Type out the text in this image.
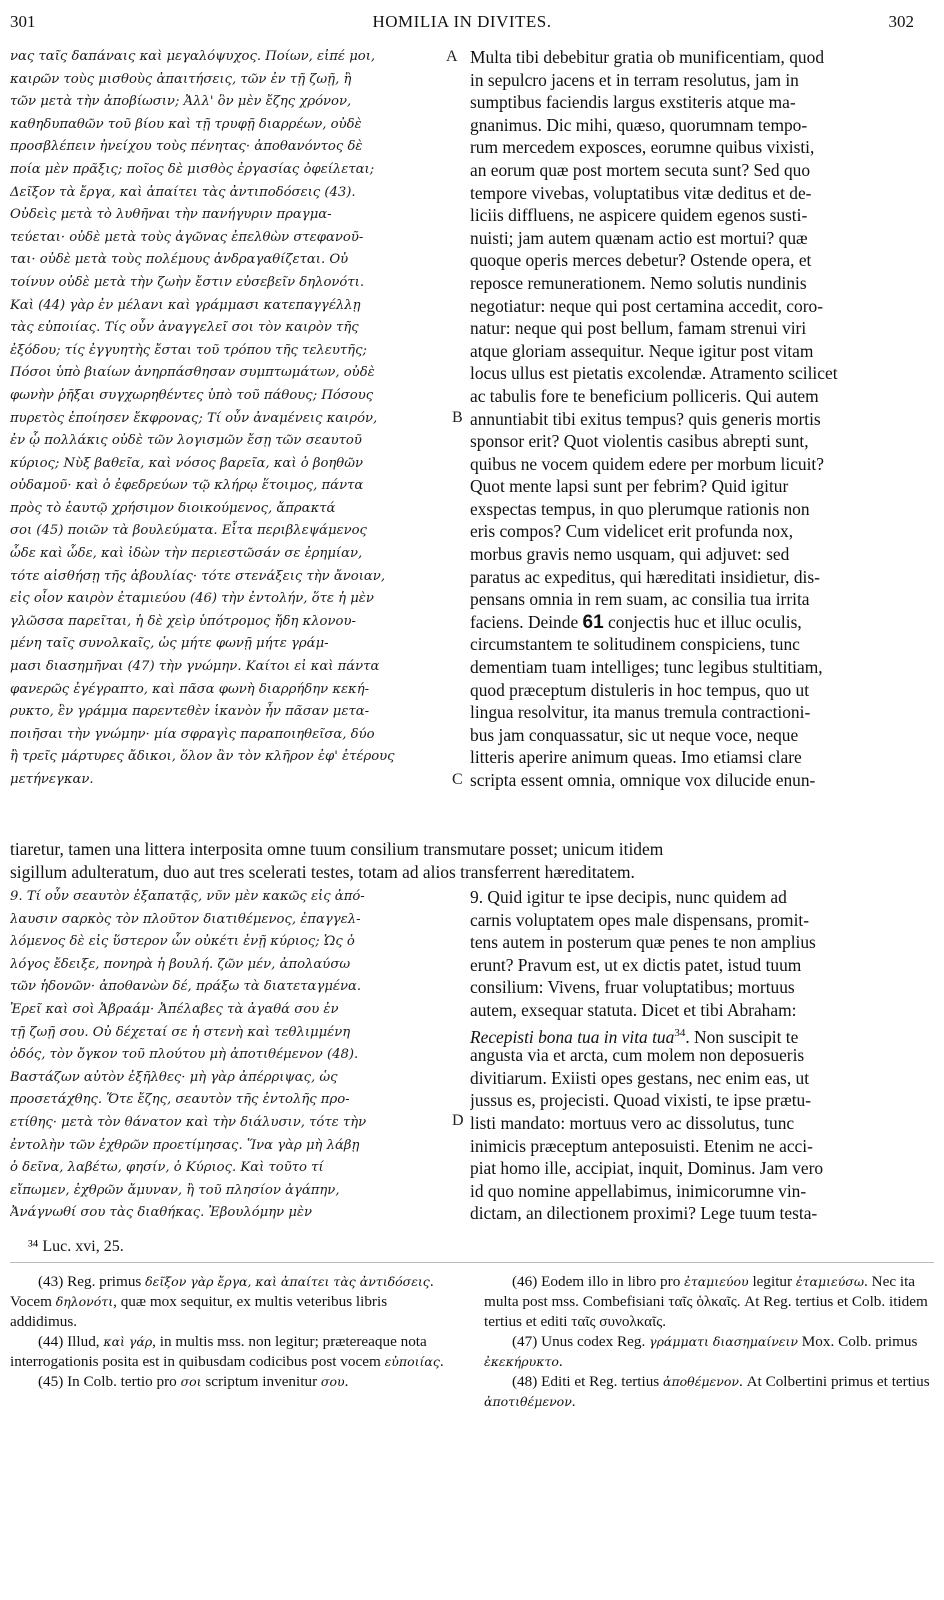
301	HOMILIA IN DIVITES.	302
νας ταῖς δαπάναις καὶ μεγαλόψυχος. Ποίων, εἰπέ μοι,
καιρῶν τοὺς μισθοὺς ἀπαιτήσεις, τῶν ἐν τῇ ζωῇ, ἢ
τῶν μετὰ τὴν ἀποβίωσιν; Ἀλλ' ὃν μὲν ἔζης χρόνον,
καθηδυπαθῶν τοῦ βίου καὶ τῇ τρυφῇ διαρρέων, οὐδὲ
προσβλέπειν ἠνείχου τοὺς πένητας· ἀποθανόντος δὲ
ποία μὲν πρᾶξις; ποῖος δὲ μισθὸς ἐργασίας ὀφείλεται;
Δεῖξον τὰ ἔργα, καὶ ἀπαίτει τὰς ἀντιποδόσεις (43).
Οὐδεὶς μετὰ τὸ λυθῆναι τὴν πανήγυριν πραγμα-
τεύεται· οὐδὲ μετὰ τοὺς ἀγῶνας ἐπελθὼν στεφανοῦ-
ται· οὐδὲ μετὰ τοὺς πολέμους ἀνδραγαθίζεται. Οὐ
τοίνυν οὐδὲ μετὰ τὴν ζωὴν ἔστιν εὐσεβεῖν δηλονότι.
Καὶ (44) γὰρ ἐν μέλανι καὶ γράμμασι κατεπαγγέλλῃ
τὰς εὐποιίας. Τίς οὖν ἀναγγελεῖ σοι τὸν καιρὸν τῆς
ἐξόδου; τίς ἐγγυητὴς ἔσται τοῦ τρόπου τῆς τελευτῆς;
Πόσοι ὑπὸ βιαίων ἀνηρπάσθησαν συμπτωμάτων, οὐδὲ
φωνὴν ῥῆξαι συγχωρηθέντες ὑπὸ τοῦ πάθους; Πόσους
πυρετὸς ἐποίησεν ἔκφρονας; Τί οὖν ἀναμένεις καιρόν,
ἐν ᾧ πολλάκις οὐδὲ τῶν λογισμῶν ἔσῃ τῶν σεαυτοῦ
κύριος; Νὺξ βαθεῖα, καὶ νόσος βαρεῖα, καὶ ὁ βοηθῶν
οὐδαμοῦ· καὶ ὁ ἐφεδρεύων τῷ κλήρῳ ἕτοιμος, πάντα
πρὸς τὸ ἑαυτῷ χρήσιμον διοικούμενος, ἄπρακτά
σοι (45) ποιῶν τὰ βουλεύματα. Εἶτα περιβλεψάμενος
ὧδε καὶ ὧδε, καὶ ἰδὼν τὴν περιεστῶσάν σε ἐρημίαν,
τότε αἰσθήσῃ τῆς ἀβουλίας· τότε στενάξεις τὴν ἄνοιαν,
εἰς οἷον καιρὸν ἐταμιεύου (46) τὴν ἐντολήν, ὅτε ἡ μὲν
γλῶσσα παρεῖται, ἡ δὲ χεὶρ ὑπότρομος ἤδη κλονου-
μένη ταῖς συνολκαῖς, ὡς μήτε φωνῇ μήτε γράμ-
μασι διασημῆναι (47) τὴν γνώμην. Καίτοι εἰ καὶ πάντα
φανερῶς ἐγέγραπτο, καὶ πᾶσα φωνὴ διαρρήδην κεκή-
ρυκτο, ἓν γράμμα παρεντεθὲν ἱκανὸν ἦν πᾶσαν μετα-
ποιῆσαι τὴν γνώμην· μία σφραγὶς παραποιηθεῖσα, δύο
ἢ τρεῖς μάρτυρες ἄδικοι, ὅλον ἂν τὸν κλῆρον ἐφ' ἑτέρους
μετήνεγκαν.
Multa tibi debebitur gratia ob munificentiam, quod
in sepulcro jacens et in terram resolutus, jam in
sumptibus faciendis largus exstiteris atque ma-
gnanimus. Dic mihi, quæso, quorumnam tempo-
rum mercedem exposces, eorumne quibus vixisti,
an eorum quæ post mortem secuta sunt? Sed quo
tempore vivebas, voluptatibus vitæ deditus et de-
liciis diffluens, ne aspicere quidem egenos susti-
nuisti; jam autem quænam actio est mortui? quæ
quoque operis merces debetur? Ostende opera, et
reposce remunerationem. Nemo solutis nundinis
negotiatur: neque qui post certamina accedit, coro-
natur: neque qui post bellum, famam strenui viri
atque gloriam assequitur. Neque igitur post vitam
locus ullus est pietatis excolendæ. Atramento scilicet
ac tabulis fore te beneficium polliceris. Qui autem
annuntiabit tibi exitus tempus? quis generis mortis
sponsor erit? Quot violentis casibus abrepti sunt,
quibus ne vocem quidem edere per morbum licuit?
Quot mente lapsi sunt per febrim? Quid igitur
exspectas tempus, in quo plerumque rationis non
eris compos? Cum videlicet erit profunda nox,
morbus gravis nemo usquam, qui adjuvet: sed
paratus ac expeditus, qui hæreditati insidietur, dis-
pensans omnia in rem suam, ac consilia tua irrita
faciens. Deinde 61 conjectis huc et illuc oculis,
circumstantem te solitudinem conspiciens, tunc
dementiam tuam intelliges; tunc legibus stultitiam,
quod præceptum distuleris in hoc tempus, quo ut
lingua resolvitur, ita manus tremula contractioni-
bus jam conquassatur, sic ut neque voce, neque
litteris aperire animum queas. Imo etiamsi clare
scripta essent omnia, omnique vox dilucide enun-
A
B
C
D
tiaretur, tamen una littera interposita omne tuum consilium transmutare posset; unicum itidem
sigillum adulteratum, duo aut tres scelerati testes, totam ad alios transferrent hæreditatem.
9. Τί οὖν σεαυτὸν ἐξαπατᾷς, νῦν μὲν κακῶς εἰς ἀπό-
λαυσιν σαρκὸς τὸν πλοῦτον διατιθέμενος, ἐπαγγελ-
λόμενος δὲ εἰς ὕστερον ὧν οὐκέτι ἐνῇ κύριος; Ὡς ὁ
λόγος ἔδειξε, πονηρὰ ἡ βουλή. ζῶν μέν, ἀπολαύσω
τῶν ἡδονῶν· ἀποθανὼν δέ, πράξω τὰ διατεταγμένα.
Ἐρεῖ καὶ σοὶ Ἀβραάμ· Ἀπέλαβες τὰ ἀγαθά σου ἐν
τῇ ζωῇ σου. Οὐ δέχεταί σε ἡ στενὴ καὶ τεθλιμμένη
ὁδός, τὸν ὄγκον τοῦ πλούτου μὴ ἀποτιθέμενον (48).
Βαστάζων αὐτὸν ἐξῆλθες· μὴ γὰρ ἀπέρριψας, ὡς
προσετάχθης. Ὅτε ἔζης, σεαυτὸν τῆς ἐντολῆς προ-
ετίθης· μετὰ τὸν θάνατον καὶ τὴν διάλυσιν, τότε τὴν
ἐντολὴν τῶν ἐχθρῶν προετίμησας. Ἵνα γὰρ μὴ λάβῃ
ὁ δεῖνα, λαβέτω, φησίν, ὁ Κύριος. Καὶ τοῦτο τί
εἴπωμεν, ἐχθρῶν ἄμυναν, ἢ τοῦ πλησίον ἀγάπην,
Ἀνάγνωθί σου τὰς διαθήκας. Ἐβουλόμην μὲν
9. Quid igitur te ipse decipis, nunc quidem ad
carnis voluptatem opes male dispensans, promit-
tens autem in posterum quæ penes te non amplius
erunt? Pravum est, ut ex dictis patet, istud tuum
consilium: Vivens, fruar voluptatibus; mortuus
autem, exsequar statuta. Dicet et tibi Abraham:
Recepisti bona tua in vita tua$^{34}$. Non suscipit te
angusta via et arcta, cum molem non deposueris
divitiarum. Exiisti opes gestans, nec enim eas, ut
jussus es, projecisti. Quoad vixisti, te ipse prætu-
listi mandato: mortuus vero ac dissolutus, tunc
inimicis præceptum anteposuisti. Etenim ne acci-
piat homo ille, accipiat, inquit, Dominus. Jam vero
id quo nomine appellabimus, inimicorumne vin-
dictam, an dilectionem proximi? Lege tuum testa-
³⁴ Luc. xvi, 25.

(43) Reg. primus δεῖξον γὰρ ἔργα, καὶ ἀπαίτει τὰς ἀντιδόσεις. Vocem δηλονότι, quæ mox sequitur, ex multis veteribus libris addidimus.

(44) Illud, καὶ γάρ, in multis mss. non legitur; prætereaque nota interrogationis posita est in quibusdam codicibus post vocem εὐποιίας.

(45) In Colb. tertio pro σοι scriptum invenitur σου.

(46) Eodem illo in libro pro ἐταμιεύου legitur ἐταμιεύσω. Nec ita multa post mss. Combefisiani ταῖς ὁλκαῖς. At Reg. tertius et Colb. itidem tertius et editi ταῖς συνολκαῖς.

(47) Unus codex Reg. γράμματι διασημαίνειν Mox. Colb. primus ἐκεκήρυκτο.

(48) Editi et Reg. tertius ἀποθέμενον. At Colbertini primus et tertius ἀποτιθέμενον.
